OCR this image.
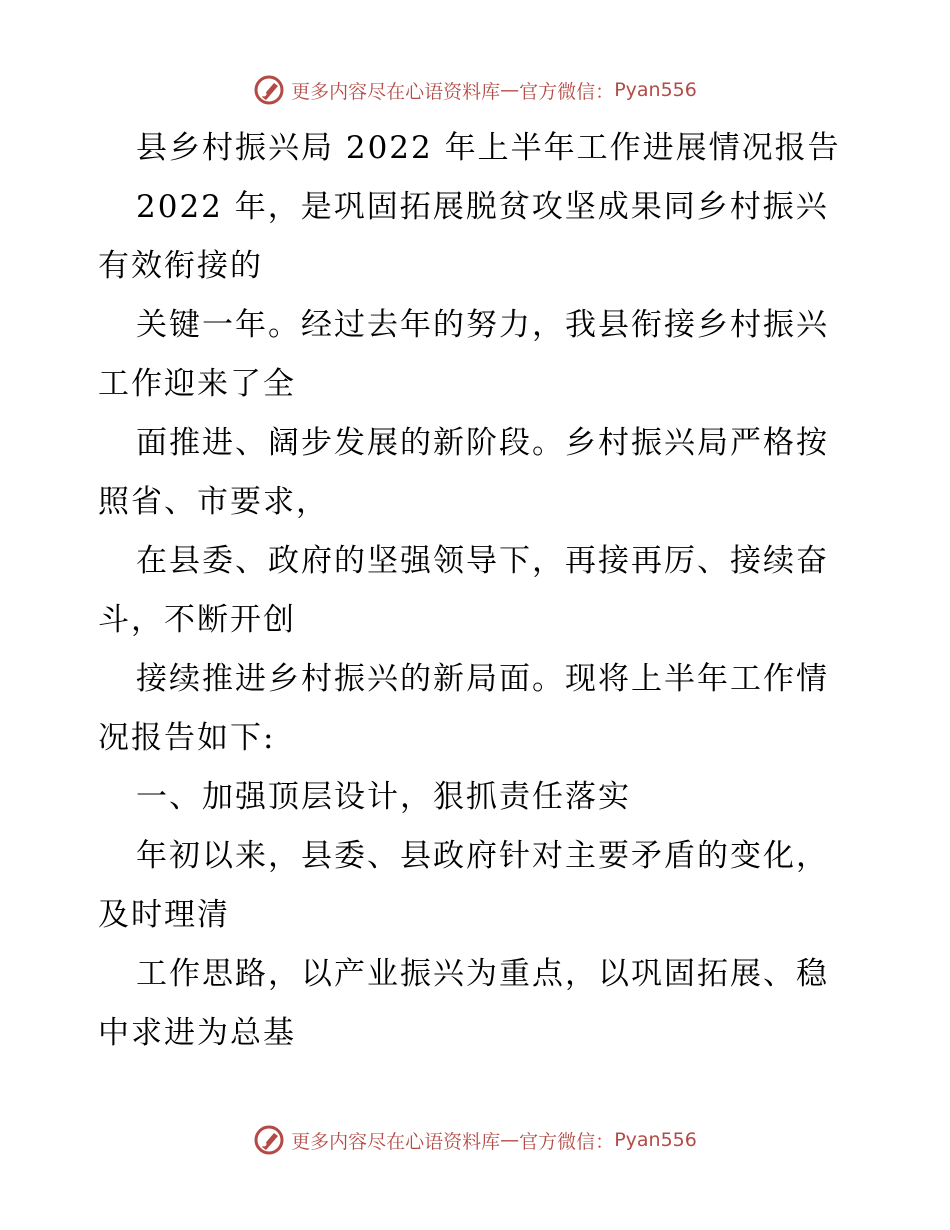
更多内容尽在心语资料库 — 官方微信： Pyan556
县乡村振兴局 2022 年上半年工作进展情况报告
2022 年，是巩固拓展脱贫攻坚成果同乡村振兴
有效衔接的
关键一年。经过去年的努力，我县衔接乡村振兴
工作迎来了全
面推进、阔步发展的新阶段。乡村振兴局严格按
照省、市要求，
在县委、政府的坚强领导下，再接再厉、接续奋
斗，不断开创
接续推进乡村振兴的新局面。现将上半年工作情
况报告如下:
一、加强顶层设计，狠抓责任落实
年初以来，县委、县政府针对主要矛盾的变化，
及时理清
工作思路，以产业振兴为重点，以巩固拓展、稳
中求进为总基
更多内容尽在心语资料库 — 官方微信： Pyan556
